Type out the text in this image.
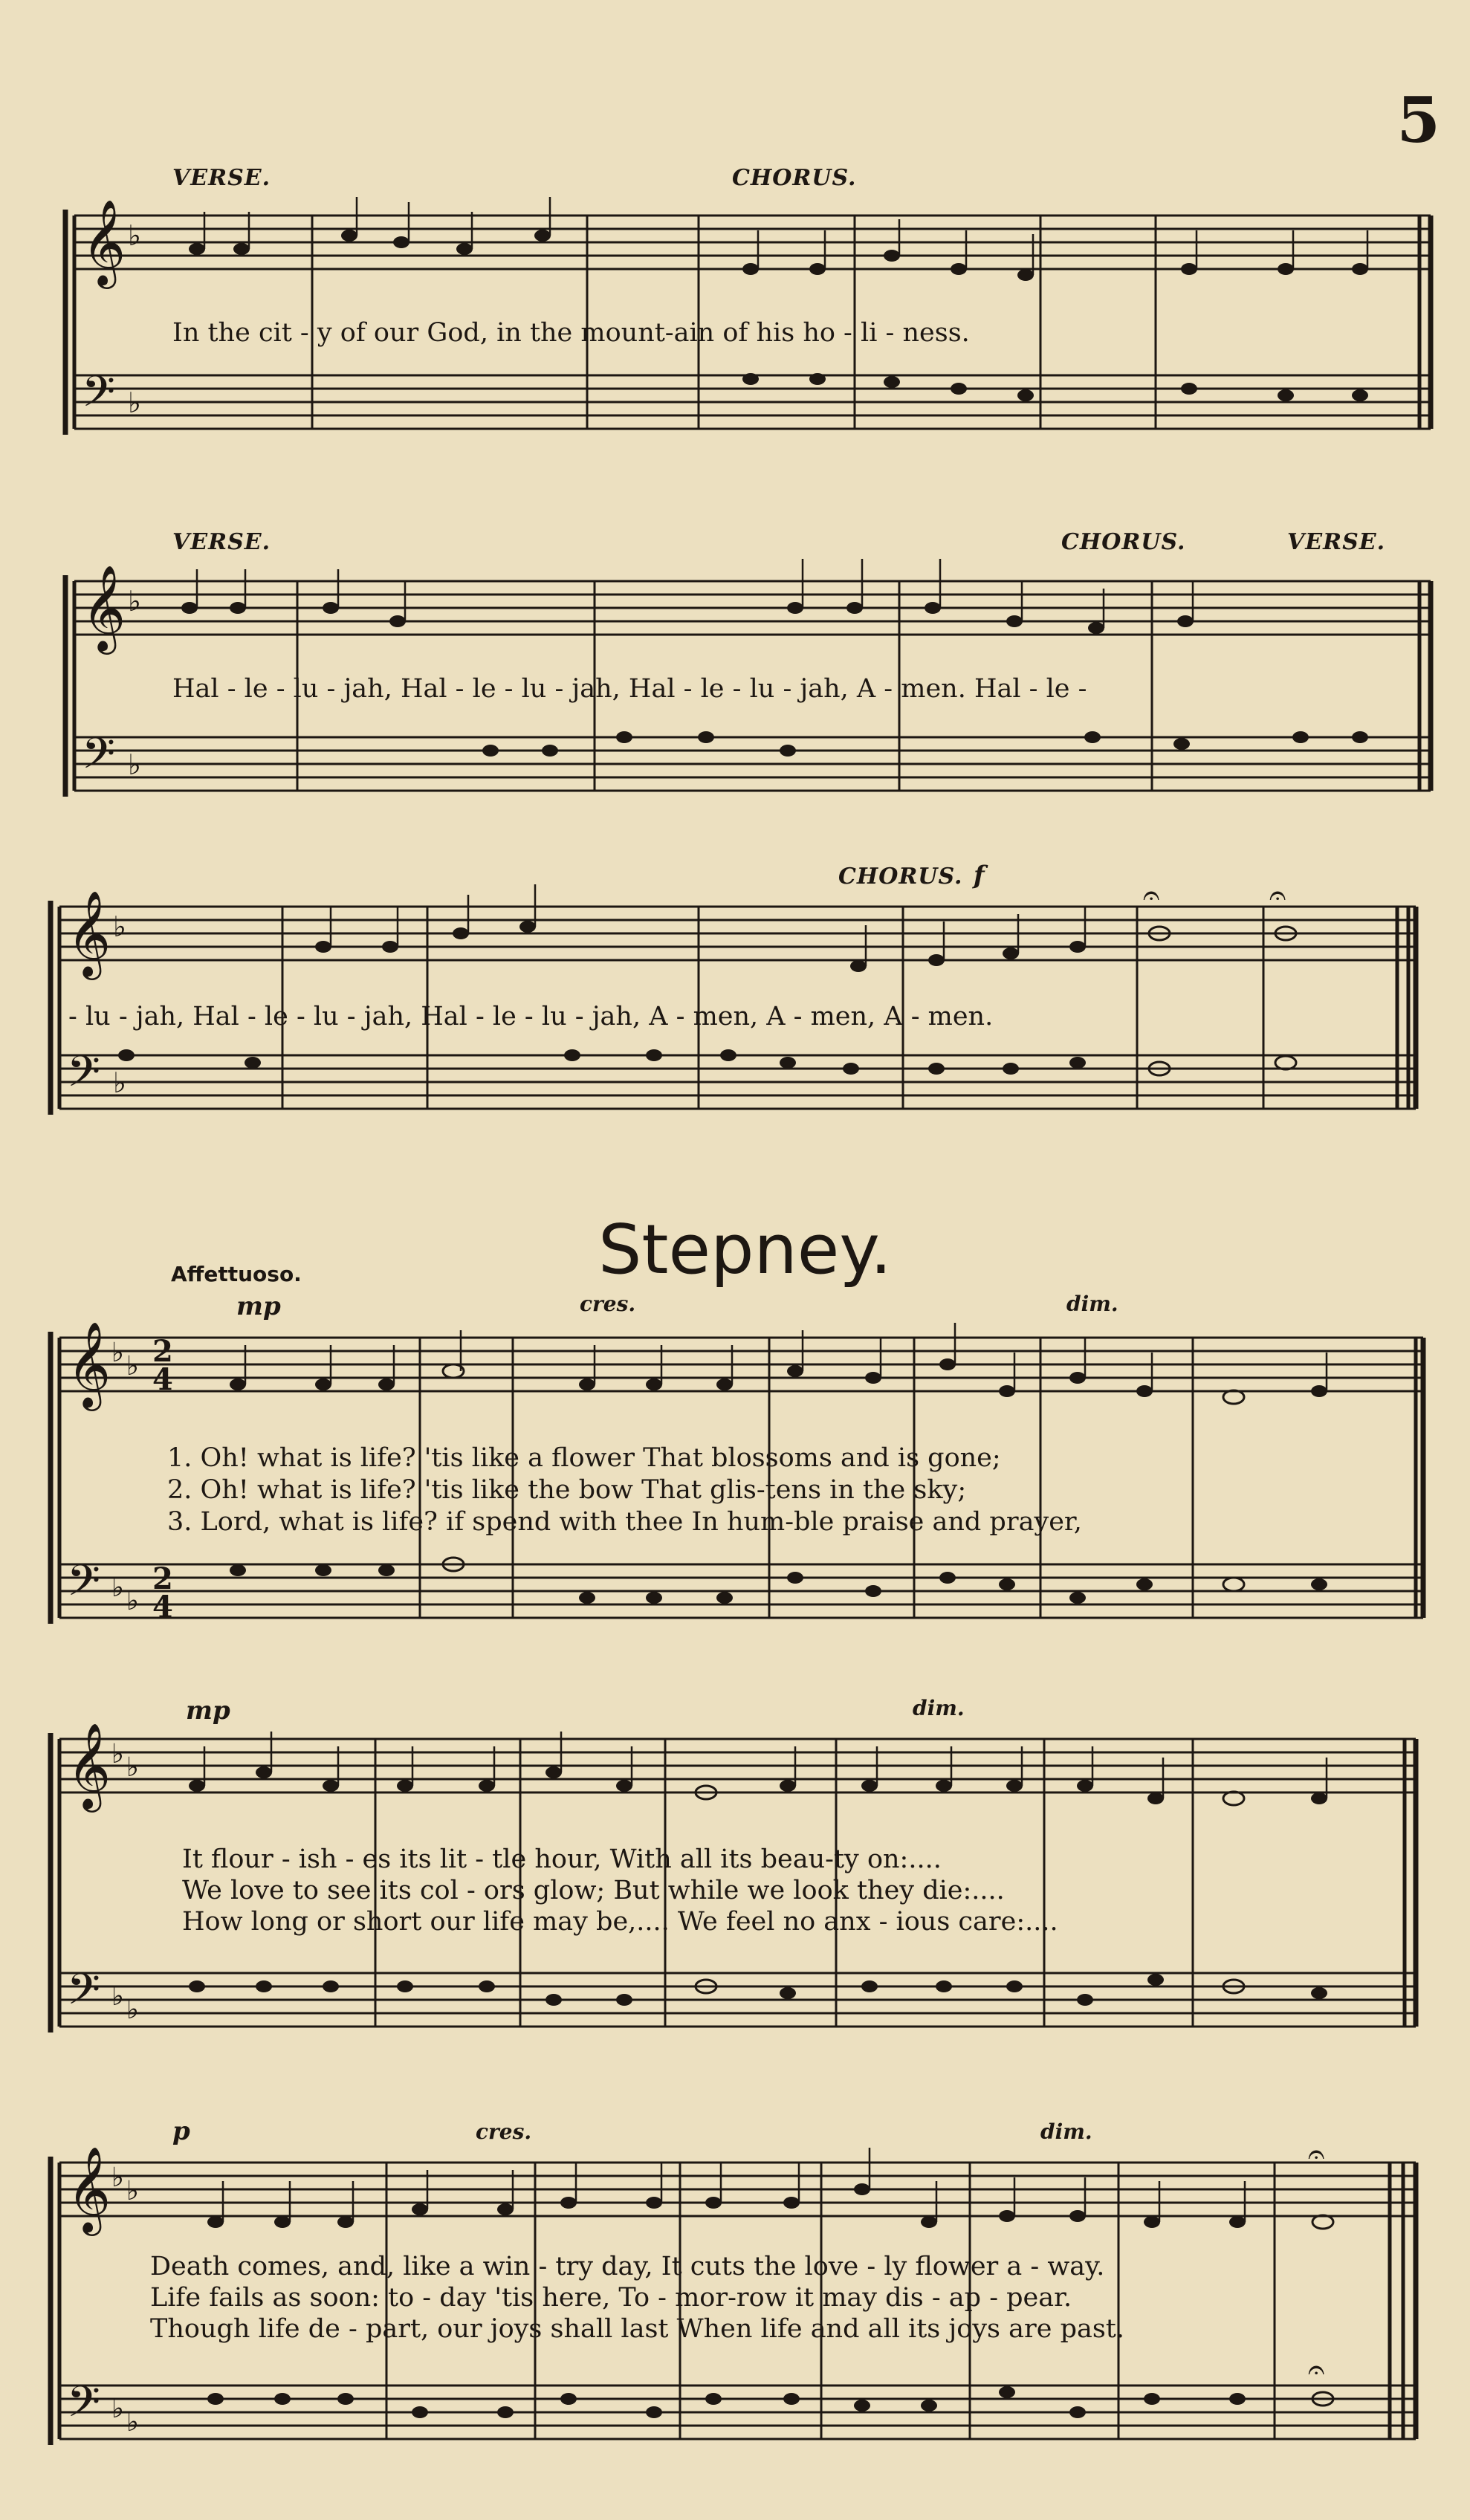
5
𝄞
𝄢
♭
♭
VERSE.	CHORUS.
In the cit - y of our God, in the mount-ain of his ho - li - ness.
𝄞
𝄢
♭
♭
VERSE.	CHORUS.	VERSE.
Hal - le - lu - jah, Hal - le - lu - jah, Hal - le - lu - jah, A - men. Hal - le -
𝄐	𝄐
𝄞
𝄢
♭
♭
CHORUS. f
- lu - jah, Hal - le - lu - jah, Hal - le - lu - jah, A - men, A - men, A - men.
Stepney.
Affettuoso.
𝄞
𝄢
♭ ♭
♭ ♭
2
4
2
4
mp	cres.	dim.
1. Oh! what is life? 'tis like a flower That blossoms and is gone;
2. Oh! what is life? 'tis like the bow That glis-tens in the sky;
3. Lord, what is life? if spend with thee In hum-ble praise and prayer,
𝄞
𝄢
♭ ♭
♭ ♭
mp	dim.
It flour - ish - es its lit - tle hour, With all its beau-ty on:....
We love to see its col - ors glow; But while we look they die:....
How long or short our life may be,.... We feel no anx - ious care:....
𝄐
𝄐
𝄞
𝄢
♭ ♭
♭ ♭
p	cres.	dim.
Death comes, and, like a win - try day, It cuts the love - ly flower a - way.
Life fails as soon: to - day 'tis here, To - mor-row it may dis - ap - pear.
Though life de - part, our joys shall last When life and all its joys are past.
